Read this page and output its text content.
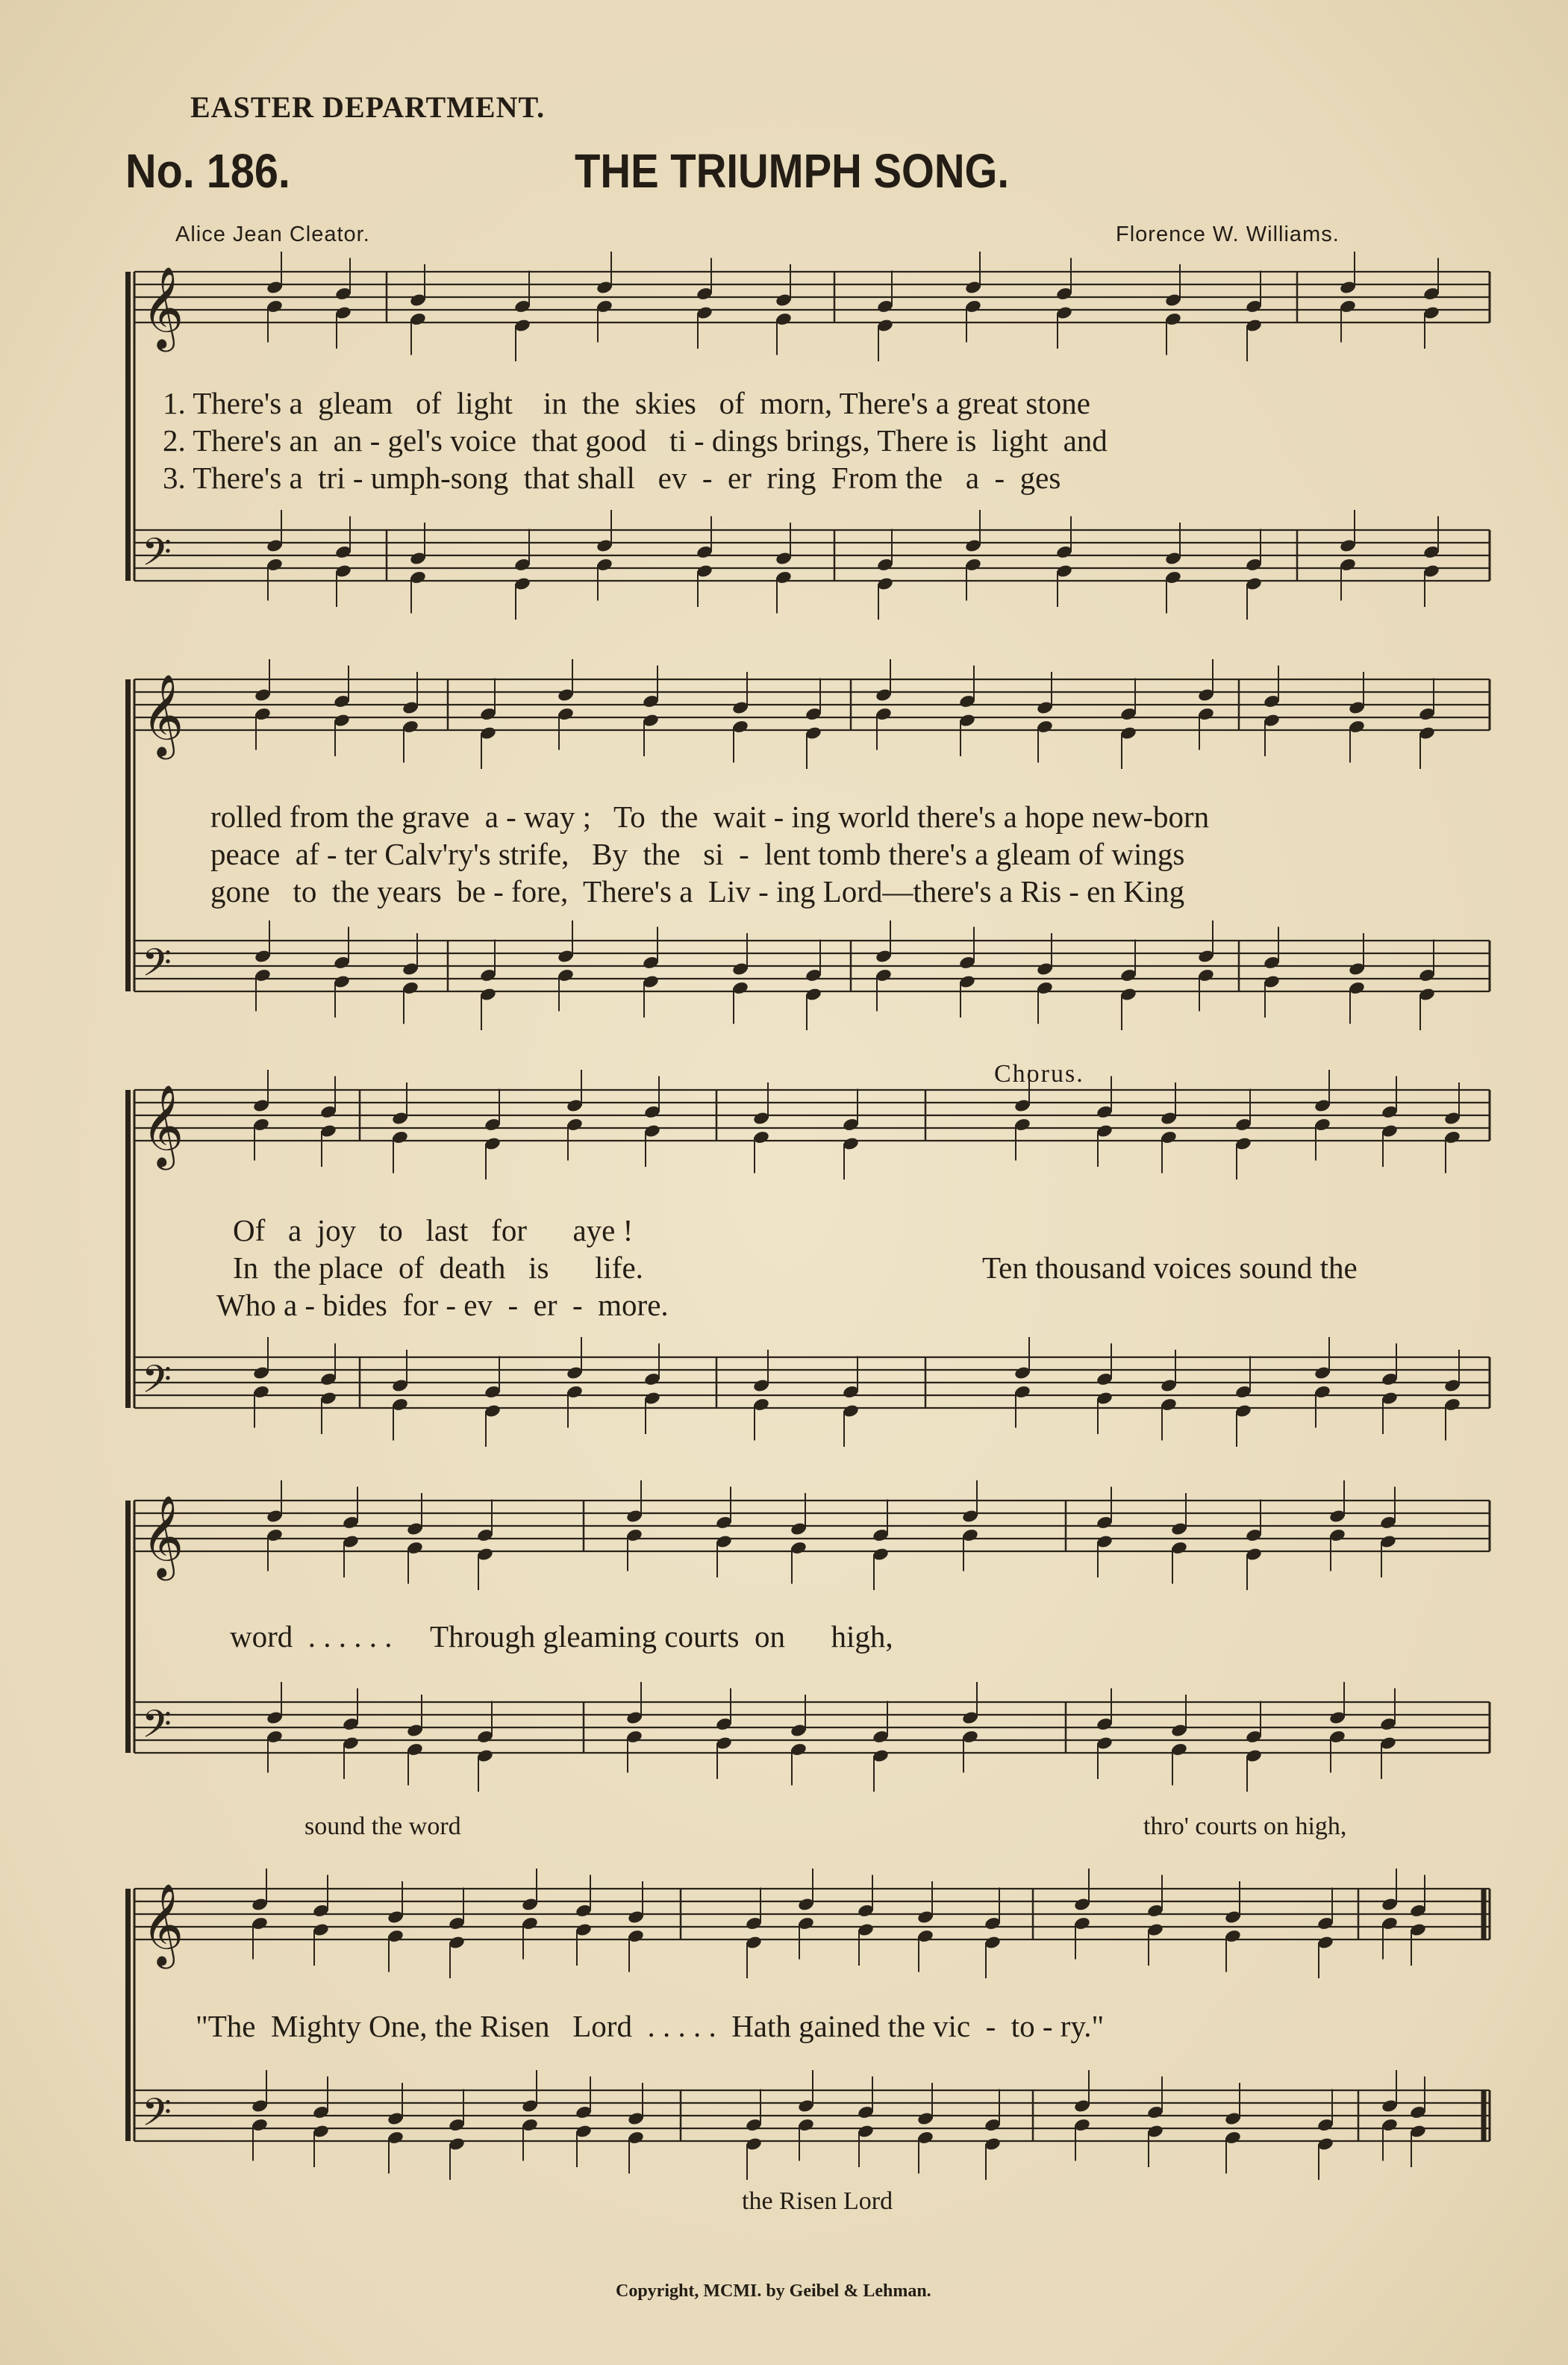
EASTER DEPARTMENT.
No. 186.	THE TRIUMPH SONG.
Alice Jean Cleator.	Florence W. Williams.
𝄞
𝄢
𝄞
𝄢
𝄞
𝄢
𝄞
𝄢
𝄞
𝄢
1. There's a  gleam   of  light    in  the  skies   of  morn, There's a great stone
2. There's an  an - gel's voice  that good   ti - dings brings, There is  light  and
3. There's a  tri - umph-song  that shall   ev  -  er  ring  From the   a  -  ges
rolled from the grave  a - way ;   To  the  wait - ing world there's a hope new-born
peace  af - ter Calv'ry's strife,   By  the   si  -  lent tomb there's a gleam of wings
gone   to  the years  be - fore,  There's a  Liv - ing Lord—there's a Ris - en King
Chorus.
Of   a  joy   to   last   for      aye !
In  the place  of  death   is      life.
Who a - bides  for - ev  -  er  -  more.
Ten thousand voices sound the
word  . . . . . .     Through gleaming courts  on      high,
sound the word	thro' courts on high,
"The  Mighty One, the Risen   Lord  . . . . .  Hath gained the vic  -  to - ry."
the Risen Lord
Copyright, MCMI. by Geibel & Lehman.
